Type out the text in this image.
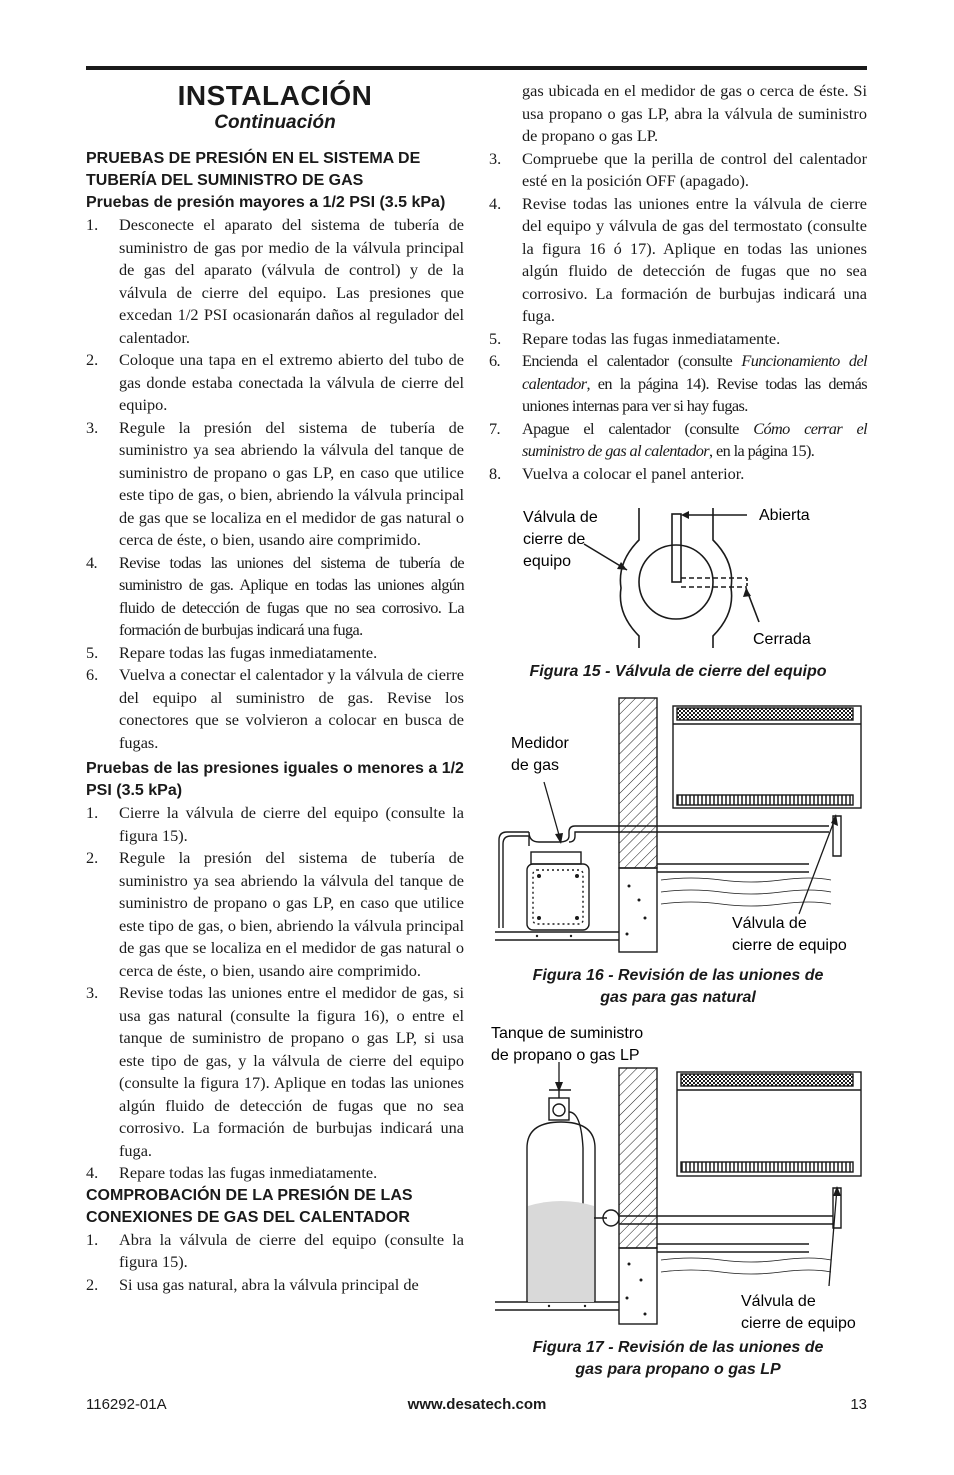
INSTALACIÓN
Continuación
PRUEBAS DE PRESIÓN EN EL SISTEMA DE TUBERÍA DEL SUMINISTRO DE GAS
Pruebas de presión mayores a 1/2 PSI (3.5 kPa)
1. Desconecte el aparato del sistema de tubería de suministro de gas por medio de la válvula principal de gas del aparato (válvula de control) y de la válvula de cierre del equipo. Las presiones que excedan 1/2 PSI ocasionarán daños al regulador del calentador.
2. Coloque una tapa en el extremo abierto del tubo de gas donde estaba conectada la válvula de cierre del equipo.
3. Regule la presión del sistema de tubería de suministro ya sea abriendo la válvula del tanque de suministro de propano o gas LP, en caso que utilice este tipo de gas, o bien, abriendo la válvula principal de gas que se localiza en el medidor de gas natural o cerca de éste, o bien, usando aire comprimido.
4. Revise todas las uniones del sistema de tubería de suministro de gas. Aplique en todas las uniones algún fluido de detección de fugas que no sea corrosivo. La formación de burbujas indicará una fuga.
5. Repare todas las fugas inmediatamente.
6. Vuelva a conectar el calentador y la válvula de cierre del equipo al suministro de gas. Revise los conectores que se volvieron a colocar en busca de fugas.
Pruebas de las presiones iguales o menores a 1/2 PSI (3.5 kPa)
1. Cierre la válvula de cierre del equipo (consulte la figura 15).
2. Regule la presión del sistema de tubería de suministro ya sea abriendo la válvula del tanque de suministro de propano o gas LP, en caso que utilice este tipo de gas, o bien, abriendo la válvula principal de gas que se localiza en el medidor de gas natural o cerca de éste, o bien, usando aire comprimido.
3. Revise todas las uniones entre el medidor de gas, si usa gas natural (consulte la figura 16), o entre el tanque de suministro de propano o gas LP, si usa este tipo de gas, y la válvula de cierre del equipo (consulte la figura 17). Aplique en todas las uniones algún fluido de detección de fugas que no sea corrosivo. La formación de burbujas indicará una fuga.
4. Repare todas las fugas inmediatamente.
COMPROBACIÓN DE LA PRESIÓN DE LAS CONEXIONES DE GAS DEL CALENTADOR
1. Abra la válvula de cierre del equipo (consulte la figura 15).
2. Si usa gas natural, abra la válvula principal de

gas ubicada en el medidor de gas o cerca de éste. Si usa propano o gas LP, abra la válvula de suministro de propano o gas LP.

3. Compruebe que la perilla de control del calentador esté en la posición OFF (apagado).
4. Revise todas las uniones entre la válvula de cierre del equipo y válvula de gas del termostato (consulte la figura 16 ó 17). Aplique en todas las uniones algún fluido de detección de fugas que no sea corrosivo. La formación de burbujas indicará una fuga.
5. Repare todas las fugas inmediatamente.
6. Encienda el calentador (consulte Funcionamiento del calentador, en la página 14). Revise todas las demás uniones internas para ver si hay fugas.
7. Apague el calentador (consulte Cómo cerrar el suministro de gas al calentador, en la página 15).
8. Vuelva a colocar el panel anterior.
Válvula de
cierre de
equipo
Abierta
Cerrada
Figura 15 - Válvula de cierre del equipo
Medidor
de gas
Válvula de
cierre de equipo
Figura 16 - Revisión de las uniones de
gas para gas natural
Tanque de suministro
de propano o gas LP
Válvula de
cierre de equipo
Figura 17 - Revisión de las uniones de
gas para propano o gas LP
116292-01A	www.desatech.com	13
